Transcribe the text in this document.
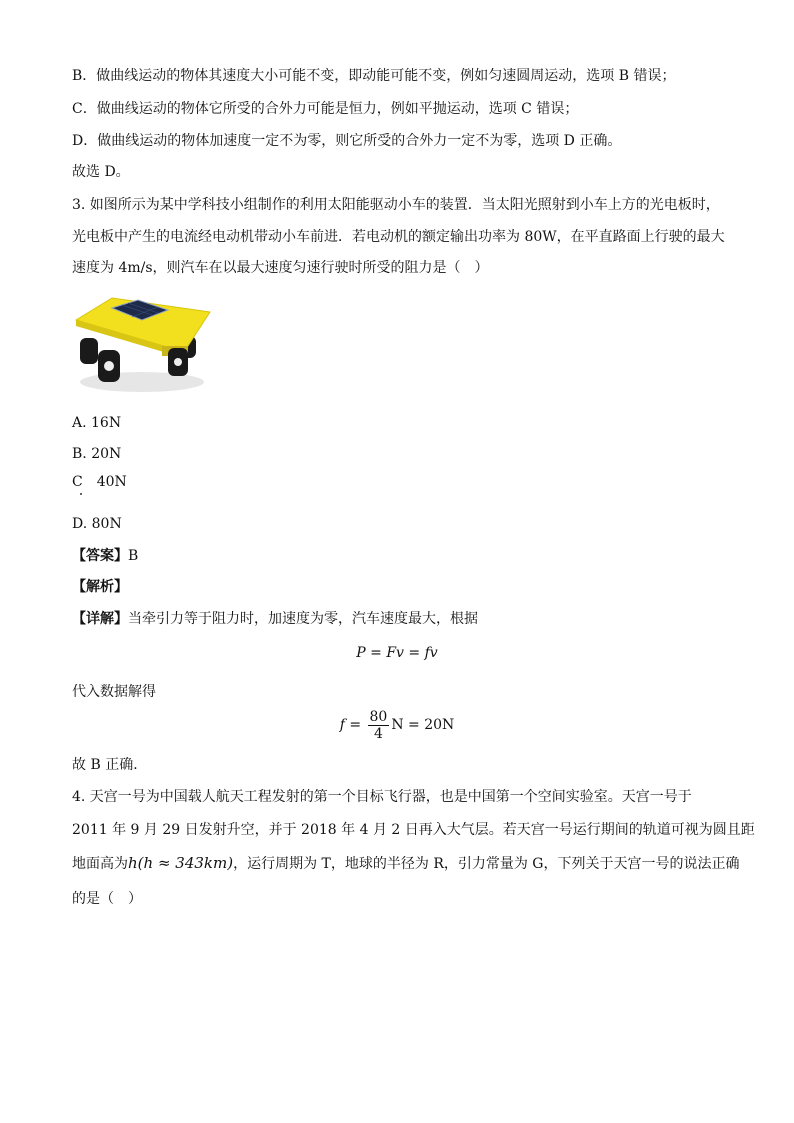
B．做曲线运动的物体其速度大小可能不变，即动能可能不变，例如匀速圆周运动，选项 B 错误；
C．做曲线运动的物体它所受的合外力可能是恒力，例如平抛运动，选项 C 错误；
D．做曲线运动的物体加速度一定不为零，则它所受的合外力一定不为零，选项 D 正确。
故选 D。
3. 如图所示为某中学科技小组制作的利用太阳能驱动小车的装置．当太阳光照射到小车上方的光电板时，
光电板中产生的电流经电动机带动小车前进．若电动机的额定输出功率为 80W，在平直路面上行驶的最大
速度为 4m/s，则汽车在以最大速度匀速行驶时所受的阻力是（　）
A. 16N
B. 20N
C　40N
D. 80N
【答案】B
【解析】
【详解】当牵引力等于阻力时，加速度为零，汽车速度最大，根据
P = Fv = fv
代入数据解得
$f = \frac{80}{4}$ N = 20N
故 B 正确．
4. 天宫一号为中国载人航天工程发射的第一个目标飞行器，也是中国第一个空间实验室。天宫一号于
2011 年 9 月 29 日发射升空，并于 2018 年 4 月 2 日再入大气层。若天宫一号运行期间的轨道可视为圆且距
地面高为h(h ≈ 343km)，运行周期为 T，地球的半径为 R，引力常量为 G，下列关于天宫一号的说法正确
的是（　）
